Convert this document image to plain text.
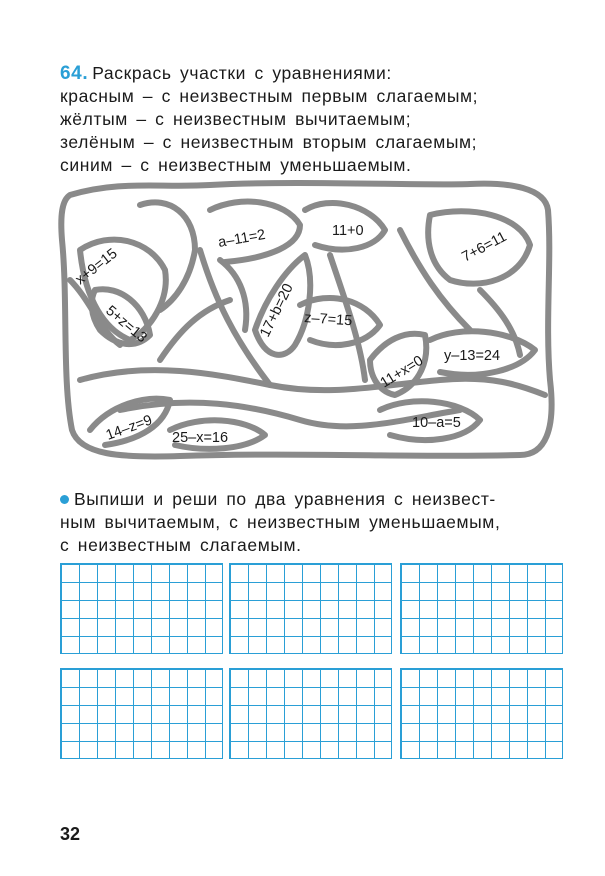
64. Раскрась участки с уравнениями:
красным – с неизвестным первым слагаемым;
жёлтым – с неизвестным вычитаемым;
зелёным – с неизвестным вторым слагаемым;
синим – с неизвестным уменьшаемым.
x+9=15
a–11=2	11+0	7+6=11
17+b=20
5+z=13	z–7=15
11+x=0 y–13=24
14–z=9 25–x=16
10–a=5
Выпиши и реши по два уравнения с неизвест-
ным вычитаемым, с неизвестным уменьшаемым,
с неизвестным слагаемым.
32
